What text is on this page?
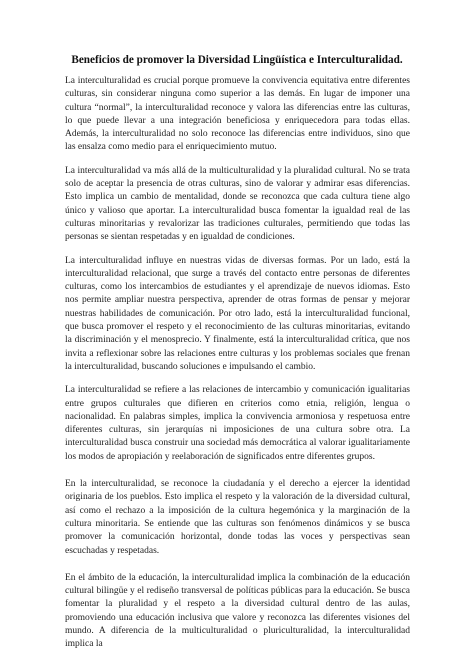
Beneficios de promover la Diversidad Lingüística e Interculturalidad.

La interculturalidad es crucial porque promueve la convivencia equitativa entre diferentes culturas, sin considerar ninguna como superior a las demás. En lugar de imponer una cultura “normal”, la interculturalidad reconoce y valora las diferencias entre las culturas, lo que puede llevar a una integración beneficiosa y enriquecedora para todas ellas. Además, la interculturalidad no solo reconoce las diferencias entre individuos, sino que las ensalza como medio para el enriquecimiento mutuo.

La interculturalidad va más allá de la multiculturalidad y la pluralidad cultural. No se trata solo de aceptar la presencia de otras culturas, sino de valorar y admirar esas diferencias. Esto implica un cambio de mentalidad, donde se reconozca que cada cultura tiene algo único y valioso que aportar. La interculturalidad busca fomentar la igualdad real de las culturas minoritarias y revalorizar las tradiciones culturales, permitiendo que todas las personas se sientan respetadas y en igualdad de condiciones.

La interculturalidad influye en nuestras vidas de diversas formas. Por un lado, está la interculturalidad relacional, que surge a través del contacto entre personas de diferentes culturas, como los intercambios de estudiantes y el aprendizaje de nuevos idiomas. Esto nos permite ampliar nuestra perspectiva, aprender de otras formas de pensar y mejorar nuestras habilidades de comunicación. Por otro lado, está la interculturalidad funcional, que busca promover el respeto y el reconocimiento de las culturas minoritarias, evitando la discriminación y el menosprecio. Y finalmente, está la interculturalidad crítica, que nos invita a reflexionar sobre las relaciones entre culturas y los problemas sociales que frenan la interculturalidad, buscando soluciones e impulsando el cambio.

La interculturalidad se refiere a las relaciones de intercambio y comunicación igualitarias entre grupos culturales que difieren en criterios como etnia, religión, lengua o nacionalidad. En palabras simples, implica la convivencia armoniosa y respetuosa entre diferentes culturas, sin jerarquías ni imposiciones de una cultura sobre otra. La interculturalidad busca construir una sociedad más democrática al valorar igualitariamente los modos de apropiación y reelaboración de significados entre diferentes grupos.

En la interculturalidad, se reconoce la ciudadanía y el derecho a ejercer la identidad originaria de los pueblos. Esto implica el respeto y la valoración de la diversidad cultural, así como el rechazo a la imposición de la cultura hegemónica y la marginación de la cultura minoritaria. Se entiende que las culturas son fenómenos dinámicos y se busca promover la comunicación horizontal, donde todas las voces y perspectivas sean escuchadas y respetadas.

En el ámbito de la educación, la interculturalidad implica la combinación de la educación cultural bilingüe y el rediseño transversal de políticas públicas para la educación. Se busca fomentar la pluralidad y el respeto a la diversidad cultural dentro de las aulas, promoviendo una educación inclusiva que valore y reconozca las diferentes visiones del mundo. A diferencia de la multiculturalidad o pluriculturalidad, la interculturalidad implica la
